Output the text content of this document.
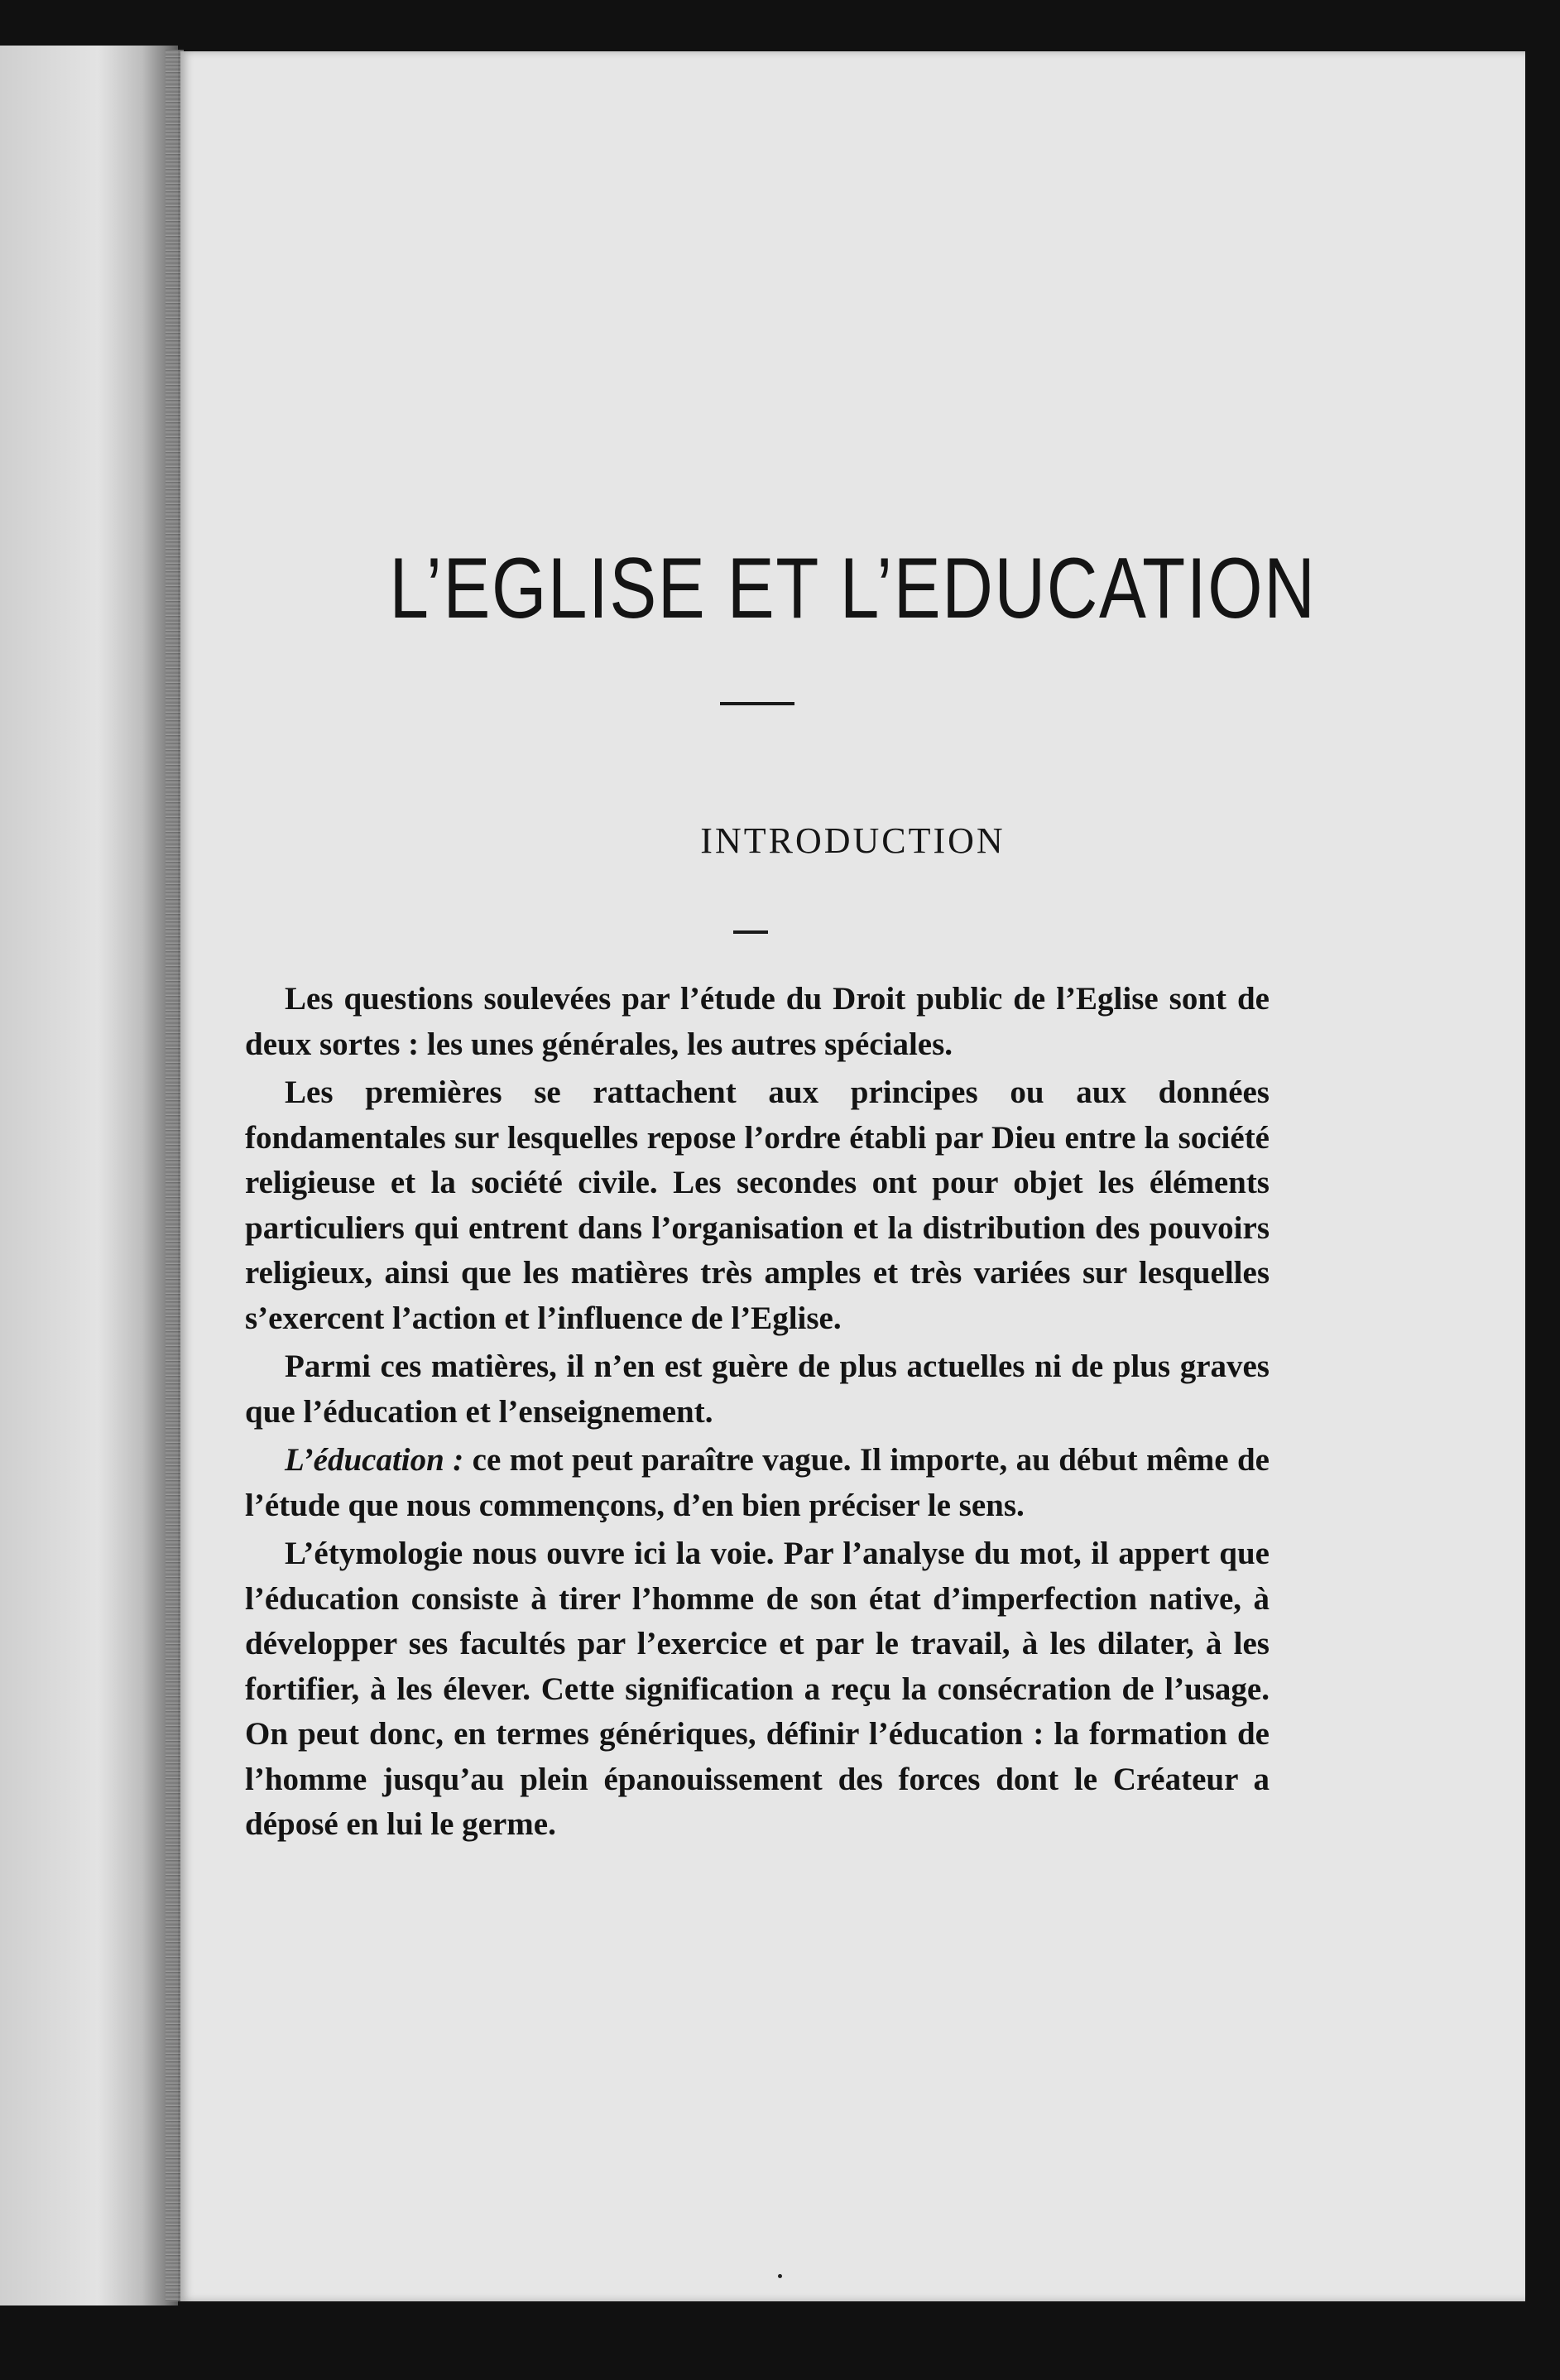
L’EGLISE ET L’EDUCATION
INTRODUCTION

Les questions soulevées par l’étude du Droit public de l’Eglise sont de deux sortes : les unes générales, les autres spéciales.

Les premières se rattachent aux principes ou aux données fondamentales sur lesquelles repose l’ordre établi par Dieu entre la société religieuse et la société civile. Les secondes ont pour objet les éléments particuliers qui entrent dans l’organisation et la distribution des pouvoirs religieux, ainsi que les matières très amples et très variées sur lesquelles s’exercent l’action et l’influence de l’Eglise.

Parmi ces matières, il n’en est guère de plus actuelles ni de plus graves que l’éducation et l’enseignement.

L’éducation : ce mot peut paraître vague. Il importe, au début même de l’étude que nous commençons, d’en bien préciser le sens.

L’étymologie nous ouvre ici la voie. Par l’analyse du mot, il appert que l’éducation consiste à tirer l’homme de son état d’imperfection native, à développer ses facultés par l’exercice et par le travail, à les dilater, à les fortifier, à les élever. Cette signification a reçu la consécration de l’usage. On peut donc, en termes génériques, définir l’éducation : la formation de l’homme jusqu’au plein épanouissement des forces dont le Créateur a déposé en lui le germe.
